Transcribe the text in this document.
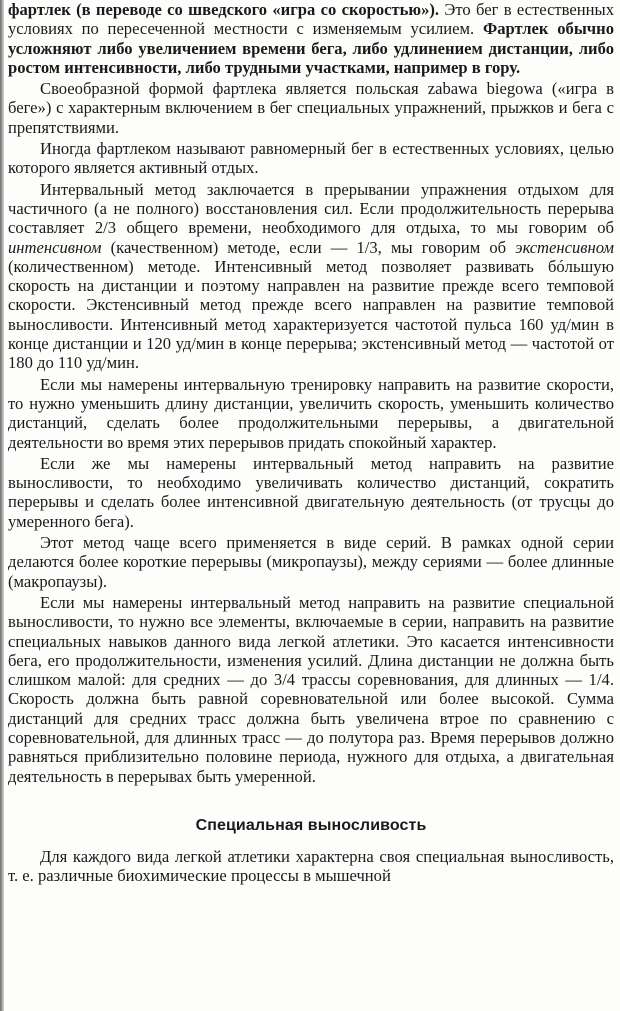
фартлек (в переводе со шведского «игра со скоростью»). Это бег в естественных условиях по пересеченной местности с изменяемым усилием. Фартлек обычно усложняют либо увеличением времени бега, либо удлинением дистанции, либо ростом интенсивности, либо трудными участками, например в гору.

Своеобразной формой фартлека является польская zabawa biegowa («игра в беге») с характерным включением в бег специальных упражнений, прыжков и бега с препятствиями.

Иногда фартлеком называют равномерный бег в естественных условиях, целью которого является активный отдых.

Интервальный метод заключается в прерывании упражнения отдыхом для частичного (а не полного) восстановления сил. Если продолжительность перерыва составляет 2/3 общего времени, необходимого для отдыха, то мы говорим об интенсивном (качественном) методе, если — 1/3, мы говорим об экстенсивном (количественном) методе. Интенсивный метод позволяет развивать бóльшую скорость на дистанции и поэтому направлен на развитие прежде всего темповой скорости. Экстенсивный метод прежде всего направлен на развитие темповой выносливости. Интенсивный метод характеризуется частотой пульса 160 уд/мин в конце дистанции и 120 уд/мин в конце перерыва; экстенсивный метод — частотой от 180 до 110 уд/мин.

Если мы намерены интервальную тренировку направить на развитие скорости, то нужно уменьшить длину дистанции, увеличить скорость, уменьшить количество дистанций, сделать более продолжительными перерывы, а двигательной деятельности во время этих перерывов придать спокойный характер.

Если же мы намерены интервальный метод направить на развитие выносливости, то необходимо увеличивать количество дистанций, сократить перерывы и сделать более интенсивной двигательную деятельность (от трусцы до умеренного бега).

Этот метод чаще всего применяется в виде серий. В рамках одной серии делаются более короткие перерывы (микропаузы), между сериями — более длинные (макропаузы).

Если мы намерены интервальный метод направить на развитие специальной выносливости, то нужно все элементы, включаемые в серии, направить на развитие специальных навыков данного вида легкой атлетики. Это касается интенсивности бега, его продолжительности, изменения усилий. Длина дистанции не должна быть слишком малой: для средних — до 3/4 трассы соревнования, для длинных — 1/4. Скорость должна быть равной соревновательной или более высокой. Сумма дистанций для средних трасс должна быть увеличена втрое по сравнению с соревновательной, для длинных трасс — до полутора раз. Время перерывов должно равняться приблизительно половине периода, нужного для отдыха, а двигательная деятельность в перерывах быть умеренной.

Специальная выносливость

Для каждого вида легкой атлетики характерна своя специальная выносливость, т. е. различные биохимические процессы в мышечной
